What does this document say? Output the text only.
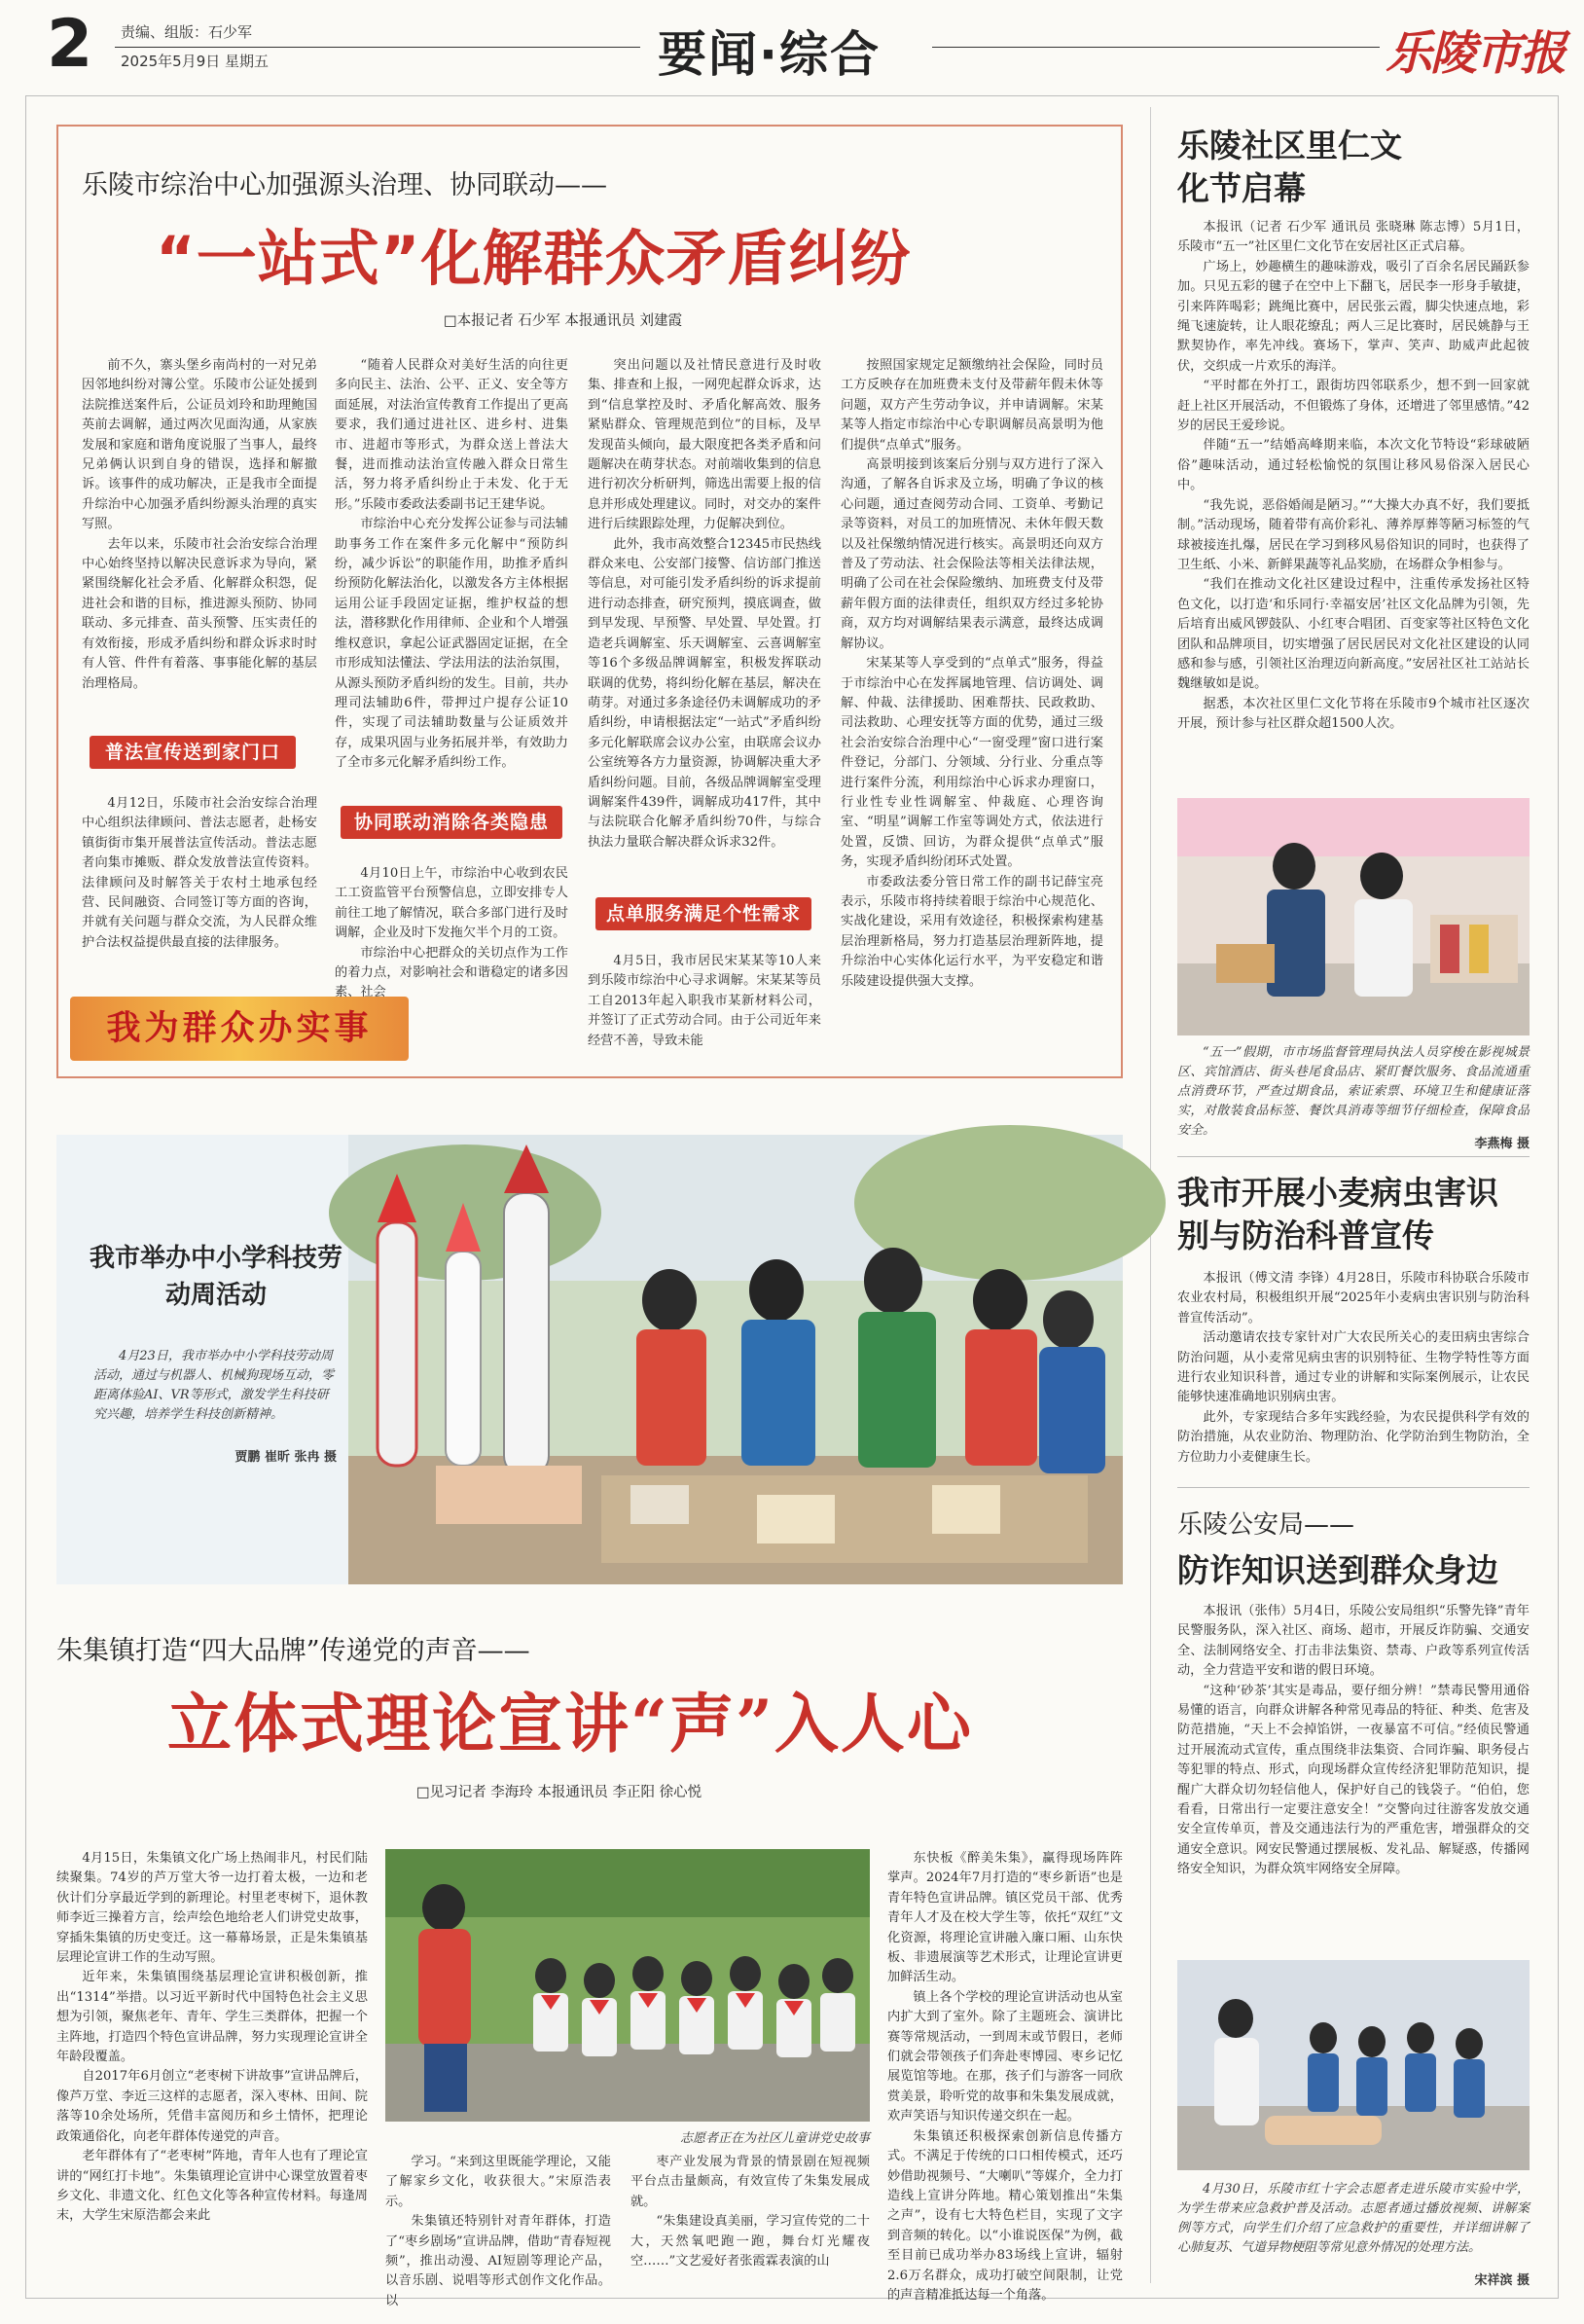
2 责编、组版：石少军
2025年5月9日 星期五	要闻·综合	乐陵市报
乐陵市综治中心加强源头治理、协同联动——
“一站式”化解群众矛盾纠纷
□本报记者 石少军 本报通讯员 刘建霞

前不久，寨头堡乡南尚村的一对兄弟因邻地纠纷对簿公堂。乐陵市公证处援到法院推送案件后，公证员刘玲和助理鲍国英前去调解，通过两次见面沟通，从家族发展和家庭和谐角度说服了当事人，最终兄弟俩认识到自身的错误，选择和解撤诉。该事件的成功解决，正是我市全面提升综治中心加强矛盾纠纷源头治理的真实写照。

去年以来，乐陵市社会治安综合治理中心始终坚持以解决民意诉求为导向，紧紧围绕解化社会矛盾、化解群众积怨，促进社会和谐的目标，推进源头预防、协同联动、多元排查、苗头预警、压实责任的有效衔接，形成矛盾纠纷和群众诉求时时有人管、件件有着落、事事能化解的基层治理格局。

普法宣传送到家门口

4月12日，乐陵市社会治安综合治理中心组织法律顾问、普法志愿者，赴杨安镇街街市集开展普法宣传活动。普法志愿者向集市摊贩、群众发放普法宣传资料。法律顾问及时解答关于农村土地承包经营、民间融资、合同签订等方面的咨询，并就有关问题与群众交流，为人民群众维护合法权益提供最直接的法律服务。

我为群众办实事

“随着人民群众对美好生活的向往更多向民主、法治、公平、正义、安全等方面延展，对法治宣传教育工作提出了更高要求，我们通过进社区、进乡村、进集市、进超市等形式，为群众送上普法大餐，进而推动法治宣传融入群众日常生活，努力将矛盾纠纷止于未发、化于无形。”乐陵市委政法委副书记王建华说。

市综治中心充分发挥公证参与司法辅助事务工作在案件多元化解中“预防纠纷，减少诉讼”的职能作用，助推矛盾纠纷预防化解法治化，以激发各方主体根据运用公证手段固定证据，维护权益的想法，潜移默化作用律师、企业和个人增强维权意识，拿起公证武器固定证据，在全市形成知法懂法、学法用法的法治氛围，从源头预防矛盾纠纷的发生。目前，共办理司法辅助6件，带押过户提存公证10件，实现了司法辅助数量与公证质效并存，成果巩固与业务拓展并举，有效助力了全市多元化解矛盾纠纷工作。

协同联动消除各类隐患

4月10日上午，市综治中心收到农民工工资监管平台预警信息，立即安排专人前往工地了解情况，联合多部门进行及时调解，企业及时下发拖欠半个月的工资。

市综治中心把群众的关切点作为工作的着力点，对影响社会和谐稳定的诸多因素、社会

突出问题以及社情民意进行及时收集、排查和上报，一网兜起群众诉求，达到“信息掌控及时、矛盾化解高效、服务紧贴群众、管理规范到位”的目标，及早发现苗头倾向，最大限度把各类矛盾和问题解决在萌芽状态。对前端收集到的信息进行初次分析研判，筛选出需要上报的信息并形成处理建议。同时，对交办的案件进行后续跟踪处理，力促解决到位。

此外，我市高效整合12345市民热线群众来电、公安部门接警、信访部门推送等信息，对可能引发矛盾纠纷的诉求提前进行动态排查，研究预判，摸底调查，做到早发现、早预警、早处置、早处置。打造老兵调解室、乐天调解室、云喜调解室等16个多级品牌调解室，积极发挥联动联调的优势，将纠纷化解在基层，解决在萌芽。对通过多条途径仍未调解成功的矛盾纠纷，申请根据法定“一站式”矛盾纠纷多元化解联席会议办公室，由联席会议办公室统筹各方力量资源，协调解决重大矛盾纠纷问题。目前，各级品牌调解室受理调解案件439件，调解成功417件，其中与法院联合化解矛盾纠纷70件，与综合执法力量联合解决群众诉求32件。

点单服务满足个性需求

4月5日，我市居民宋某某等10人来到乐陵市综治中心寻求调解。宋某某等员工自2013年起入职我市某新材料公司，并签订了正式劳动合同。由于公司近年来经营不善，导致未能

按照国家规定足额缴纳社会保险，同时员工方反映存在加班费未支付及带薪年假未休等问题，双方产生劳动争议，并申请调解。宋某某等人指定市综治中心专职调解员高景明为他们提供“点单式”服务。

高景明接到该案后分别与双方进行了深入沟通，了解各自诉求及立场，明确了争议的核心问题，通过查阅劳动合同、工资单、考勤记录等资料，对员工的加班情况、未休年假天数以及社保缴纳情况进行核实。高景明还向双方普及了劳动法、社会保险法等相关法律法规，明确了公司在社会保险缴纳、加班费支付及带薪年假方面的法律责任，组织双方经过多轮协商，双方均对调解结果表示满意，最终达成调解协议。

宋某某等人享受到的“点单式”服务，得益于市综治中心在发挥属地管理、信访调处、调解、仲裁、法律援助、困难帮扶、民政救助、司法救助、心理安抚等方面的优势，通过三级社会治安综合治理中心“一窗受理”窗口进行案件登记，分部门、分领域、分行业、分重点等进行案件分流，利用综治中心诉求办理窗口，行业性专业性调解室、仲裁庭、心理咨询室、“明星”调解工作室等调处方式，依法进行处置，反馈、回访，为群众提供“点单式”服务，实现矛盾纠纷闭环式处置。

市委政法委分管日常工作的副书记薛宝亮表示，乐陵市将持续着眼于综治中心规范化、实战化建设，采用有效途径，积极探索构建基层治理新格局，努力打造基层治理新阵地，提升综治中心实体化运行水平，为平安稳定和谐乐陵建设提供强大支撑。

我市举办中小学科技劳动周活动
4月23日，我市举办中小学科技劳动周活动，通过与机器人、机械狗现场互动，零距离体验AI、VR等形式，激发学生科技研究兴趣，培养学生科技创新精神。
贾鹏 崔昕 张冉 摄
朱集镇打造“四大品牌”传递党的声音——
立体式理论宣讲“声”入人心
□见习记者 李海玲 本报通讯员 李正阳 徐心悦

4月15日，朱集镇文化广场上热闹非凡，村民们陆续聚集。74岁的芦万堂大爷一边打着太极，一边和老伙计们分享最近学到的新理论。村里老枣树下，退休教师李近三操着方言，绘声绘色地给老人们讲党史故事，穿插朱集镇的历史变迁。这一幕幕场景，正是朱集镇基层理论宣讲工作的生动写照。

近年来，朱集镇围绕基层理论宣讲积极创新，推出“1314”举措。以习近平新时代中国特色社会主义思想为引领，聚焦老年、青年、学生三类群体，把握一个主阵地，打造四个特色宣讲品牌，努力实现理论宣讲全年龄段覆盖。

自2017年6月创立“老枣树下讲故事”宣讲品牌后，像芦万堂、李近三这样的志愿者，深入枣林、田间、院落等10余处场所，凭借丰富阅历和乡土情怀，把理论政策通俗化，向老年群体传递党的声音。

老年群体有了“老枣树”阵地，青年人也有了理论宣讲的“网红打卡地”。朱集镇理论宣讲中心课堂放置着枣乡文化、非遗文化、红色文化等各种宣传材料。每逢周末，大学生宋原浩都会来此

志愿者正在为社区儿童讲党史故事

学习。“来到这里既能学理论，又能了解家乡文化，收获很大。”宋原浩表示。

朱集镇还特别针对青年群体，打造了“枣乡剧场”宣讲品牌，借助“青春短视频”，推出动漫、AI短剧等理论产品，以音乐剧、说唱等形式创作文化作品。以

枣产业发展为背景的情景剧在短视频平台点击量颇高，有效宣传了朱集发展成就。

“朱集建设真美丽，学习宣传党的二十大，天然氧吧跑一跑，舞台灯光耀夜空……”文艺爱好者张霞霖表演的山

东快板《醉美朱集》，赢得现场阵阵掌声。2024年7月打造的“枣乡新语”也是青年特色宣讲品牌。镇区党员干部、优秀青年人才及在校大学生等，依托“双红”文化资源，将理论宣讲融入廉口厢、山东快板、非遗展演等艺术形式，让理论宣讲更加鲜活生动。

镇上各个学校的理论宣讲活动也从室内扩大到了室外。除了主题班会、演讲比赛等常规活动，一到周末或节假日，老师们就会带领孩子们奔赴枣博园、枣乡记忆展览馆等地。在那，孩子们与游客一同欣赏美景，聆听党的故事和朱集发展成就，欢声笑语与知识传递交织在一起。

朱集镇还积极探索创新信息传播方式。不满足于传统的口口相传模式，还巧妙借助视频号、“大喇叭”等媒介，全力打造线上宣讲分阵地。精心策划推出“朱集之声”，设有七大特色栏目，实现了文字到音频的转化。以“小谁说医保”为例，截至目前已成功举办83场线上宣讲，辐射2.6万名群众，成功打破空间限制，让党的声音精准抵达每一个角落。

乐陵社区里仁文化节启幕

本报讯（记者 石少军 通讯员 张晓琳 陈志博）5月1日，乐陵市“五一”社区里仁文化节在安居社区正式启幕。

广场上，妙趣横生的趣味游戏，吸引了百余名居民踊跃参加。只见五彩的毽子在空中上下翻飞，居民李一形身手敏捷，引来阵阵喝彩；跳绳比赛中，居民张云霞，脚尖快速点地，彩绳飞速旋转，让人眼花缭乱；两人三足比赛时，居民姚静与王默契协作，率先冲线。赛场下，掌声、笑声、助威声此起彼伏，交织成一片欢乐的海洋。

“平时都在外打工，跟街坊四邻联系少，想不到一回家就赶上社区开展活动，不但锻炼了身体，还增进了邻里感情。”42岁的居民王爱珍说。

伴随“五一”结婚高峰期来临，本次文化节特设“彩球破陋俗”趣味活动，通过轻松愉悦的氛围让移风易俗深入居民心中。

“我先说，恶俗婚闹是陋习。”“大操大办真不好，我们要抵制。”活动现场，随着带有高价彩礼、薄养厚葬等陋习标签的气球被接连扎爆，居民在学习到移风易俗知识的同时，也获得了卫生纸、小米、新鲜果蔬等礼品奖励，在场群众争相参与。

“我们在推动文化社区建设过程中，注重传承发扬社区特色文化，以打造‘和乐同行·幸福安居’社区文化品牌为引领，先后培育出威风锣鼓队、小红枣合唱团、百变家等社区特色文化团队和品牌项目，切实增强了居民居民对文化社区建设的认同感和参与感，引领社区治理迈向新高度。”安居社区社工站站长魏继敏如是说。

据悉，本次社区里仁文化节将在乐陵市9个城市社区逐次开展，预计参与社区群众超1500人次。

“五一”假期，市市场监督管理局执法人员穿梭在影视城景区、宾馆酒店、街头巷尾食品店、紧盯餐饮服务、食品流通重点消费环节，严查过期食品，索证索票、环境卫生和健康证落实，对散装食品标签、餐饮具消毒等细节仔细检查，保障食品安全。
李燕梅 摄
我市开展小麦病虫害识别与防治科普宣传

本报讯（傅文清 李锋）4月28日，乐陵市科协联合乐陵市农业农村局，积极组织开展“2025年小麦病虫害识别与防治科普宣传活动”。

活动邀请农技专家针对广大农民所关心的麦田病虫害综合防治问题，从小麦常见病虫害的识别特征、生物学特性等方面进行农业知识科普，通过专业的讲解和实际案例展示，让农民能够快速准确地识别病虫害。

此外，专家现结合多年实践经验，为农民提供科学有效的防治措施，从农业防治、物理防治、化学防治到生物防治，全方位助力小麦健康生长。

乐陵公安局——
防诈知识送到群众身边

本报讯（张伟）5月4日，乐陵公安局组织“乐警先锋”青年民警服务队，深入社区、商场、超市，开展反诈防骗、交通安全、法制网络安全、打击非法集资、禁毒、户政等系列宣传活动，全力营造平安和谐的假日环境。

“这种‘砂茶’其实是毒品，要仔细分辨！”禁毒民警用通俗易懂的语言，向群众讲解各种常见毒品的特征、种类、危害及防范措施，“天上不会掉馅饼，一夜暴富不可信。”经侦民警通过开展流动式宣传，重点围绕非法集资、合同诈骗、职务侵占等犯罪的特点、形式，向现场群众宣传经济犯罪防范知识，提醒广大群众切勿轻信他人，保护好自己的钱袋子。“伯伯，您看看，日常出行一定要注意安全！”交警向过往游客发放交通安全宣传单页，普及交通违法行为的严重危害，增强群众的交通安全意识。网安民警通过摆展板、发礼品、解疑惑，传播网络安全知识，为群众筑牢网络安全屏障。

4月30日，乐陵市红十字会志愿者走进乐陵市实验中学，为学生带来应急救护普及活动。志愿者通过播放视频、讲解案例等方式，向学生们介绍了应急救护的重要性，并详细讲解了心肺复苏、气道异物梗阻等常见意外情况的处理方法。
宋祥滨 摄
